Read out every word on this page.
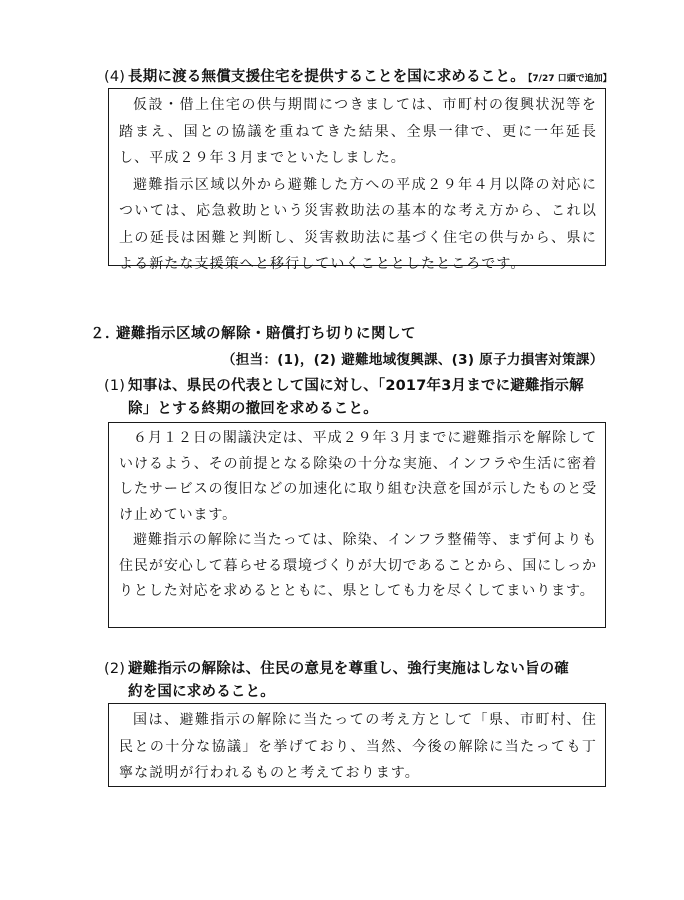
(4) 長期に渡る無償支援住宅を提供することを国に求めること。 【7/27 口頭で追加】

仮設・借上住宅の供与期間につきましては、市町村の復興状況等を踏まえ、国との協議を重ねてきた結果、全県一律で、更に一年延長し、平成２９年３月までといたしました。

避難指示区域以外から避難した方への平成２９年４月以降の対応については、応急救助という災害救助法の基本的な考え方から、これ以上の延長は困難と判断し、災害救助法に基づく住宅の供与から、県による新たな支援策へと移行していくこととしたところです。

２．避難指示区域の解除・賠償打ち切りに関して
（担当：(1)，(2) 避難地域復興課、(3) 原子力損害対策課）
(1) 知事は、県民の代表として国に対し、「2017年3月までに避難指示解
除」とする終期の撤回を求めること。

６月１２日の閣議決定は、平成２９年３月までに避難指示を解除していけるよう、その前提となる除染の十分な実施、インフラや生活に密着したサービスの復旧などの加速化に取り組む決意を国が示したものと受け止めています。

避難指示の解除に当たっては、除染、インフラ整備等、まず何よりも住民が安心して暮らせる環境づくりが大切であることから、国にしっかりとした対応を求めるとともに、県としても力を尽くしてまいります。

(2) 避難指示の解除は、住民の意見を尊重し、強行実施はしない旨の確
約を国に求めること。

国は、避難指示の解除に当たっての考え方として「県、市町村、住民との十分な協議」を挙げており、当然、今後の解除に当たっても丁寧な説明が行われるものと考えております。
